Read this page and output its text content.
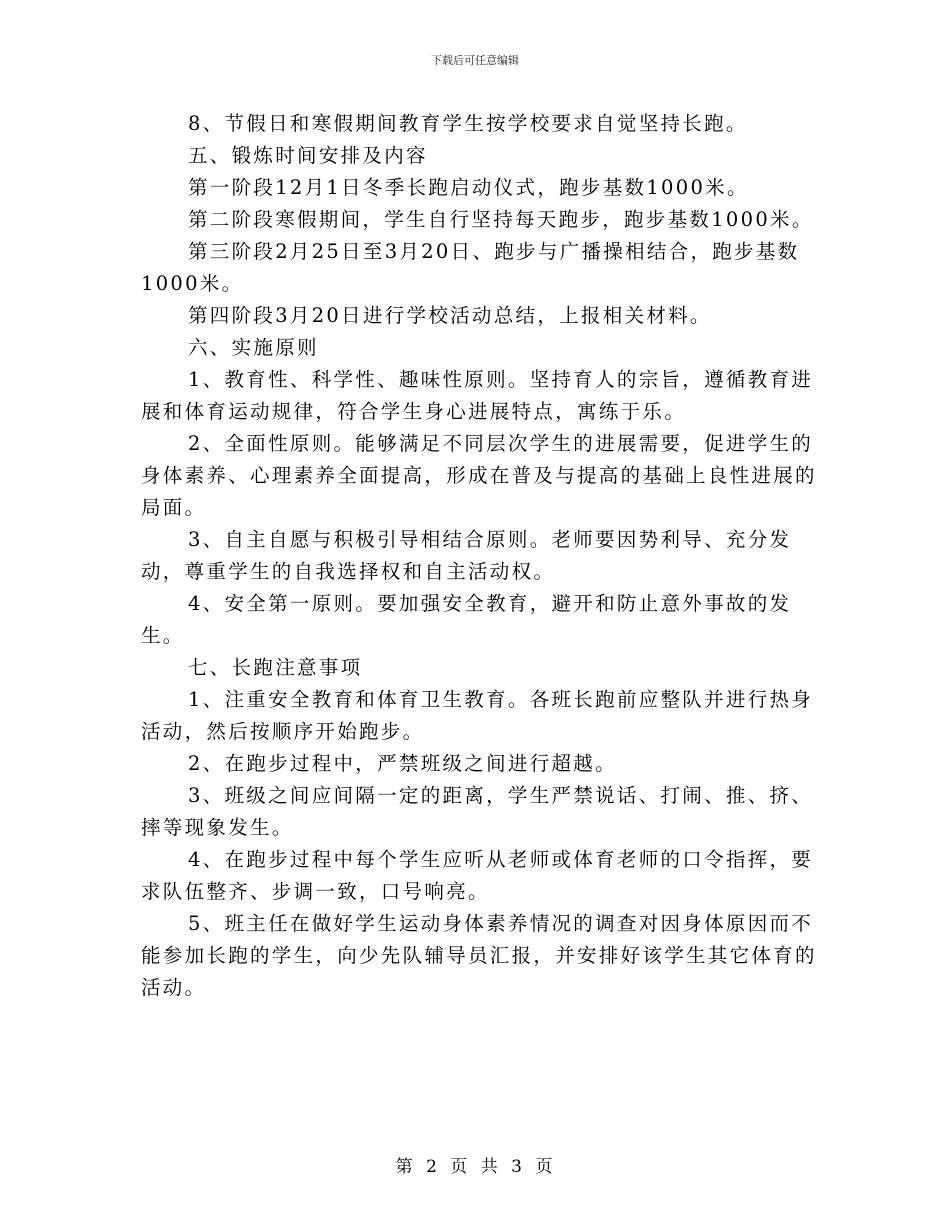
下载后可任意编辑

8、节假日和寒假期间教育学生按学校要求自觉坚持长跑。

五、锻炼时间安排及内容

第一阶段12月1日冬季长跑启动仪式，跑步基数1000米。

第二阶段寒假期间，学生自行坚持每天跑步，跑步基数1000米。

第三阶段2月25日至3月20日、跑步与广播操相结合，跑步基数1000米。

第四阶段3月20日进行学校活动总结，上报相关材料。

六、实施原则

1、教育性、科学性、趣味性原则。坚持育人的宗旨，遵循教育进展和体育运动规律，符合学生身心进展特点，寓练于乐。

2、全面性原则。能够满足不同层次学生的进展需要，促进学生的身体素养、心理素养全面提高，形成在普及与提高的基础上良性进展的局面。

3、自主自愿与积极引导相结合原则。老师要因势利导、充分发动，尊重学生的自我选择权和自主活动权。

4、安全第一原则。要加强安全教育，避开和防止意外事故的发生。

七、长跑注意事项

1、注重安全教育和体育卫生教育。各班长跑前应整队并进行热身活动，然后按顺序开始跑步。

2、在跑步过程中，严禁班级之间进行超越。

3、班级之间应间隔一定的距离，学生严禁说话、打闹、推、挤、摔等现象发生。

4、在跑步过程中每个学生应听从老师或体育老师的口令指挥，要求队伍整齐、步调一致，口号响亮。

5、班主任在做好学生运动身体素养情况的调查对因身体原因而不能参加长跑的学生，向少先队辅导员汇报，并安排好该学生其它体育的活动。

第 2 页 共 3 页
